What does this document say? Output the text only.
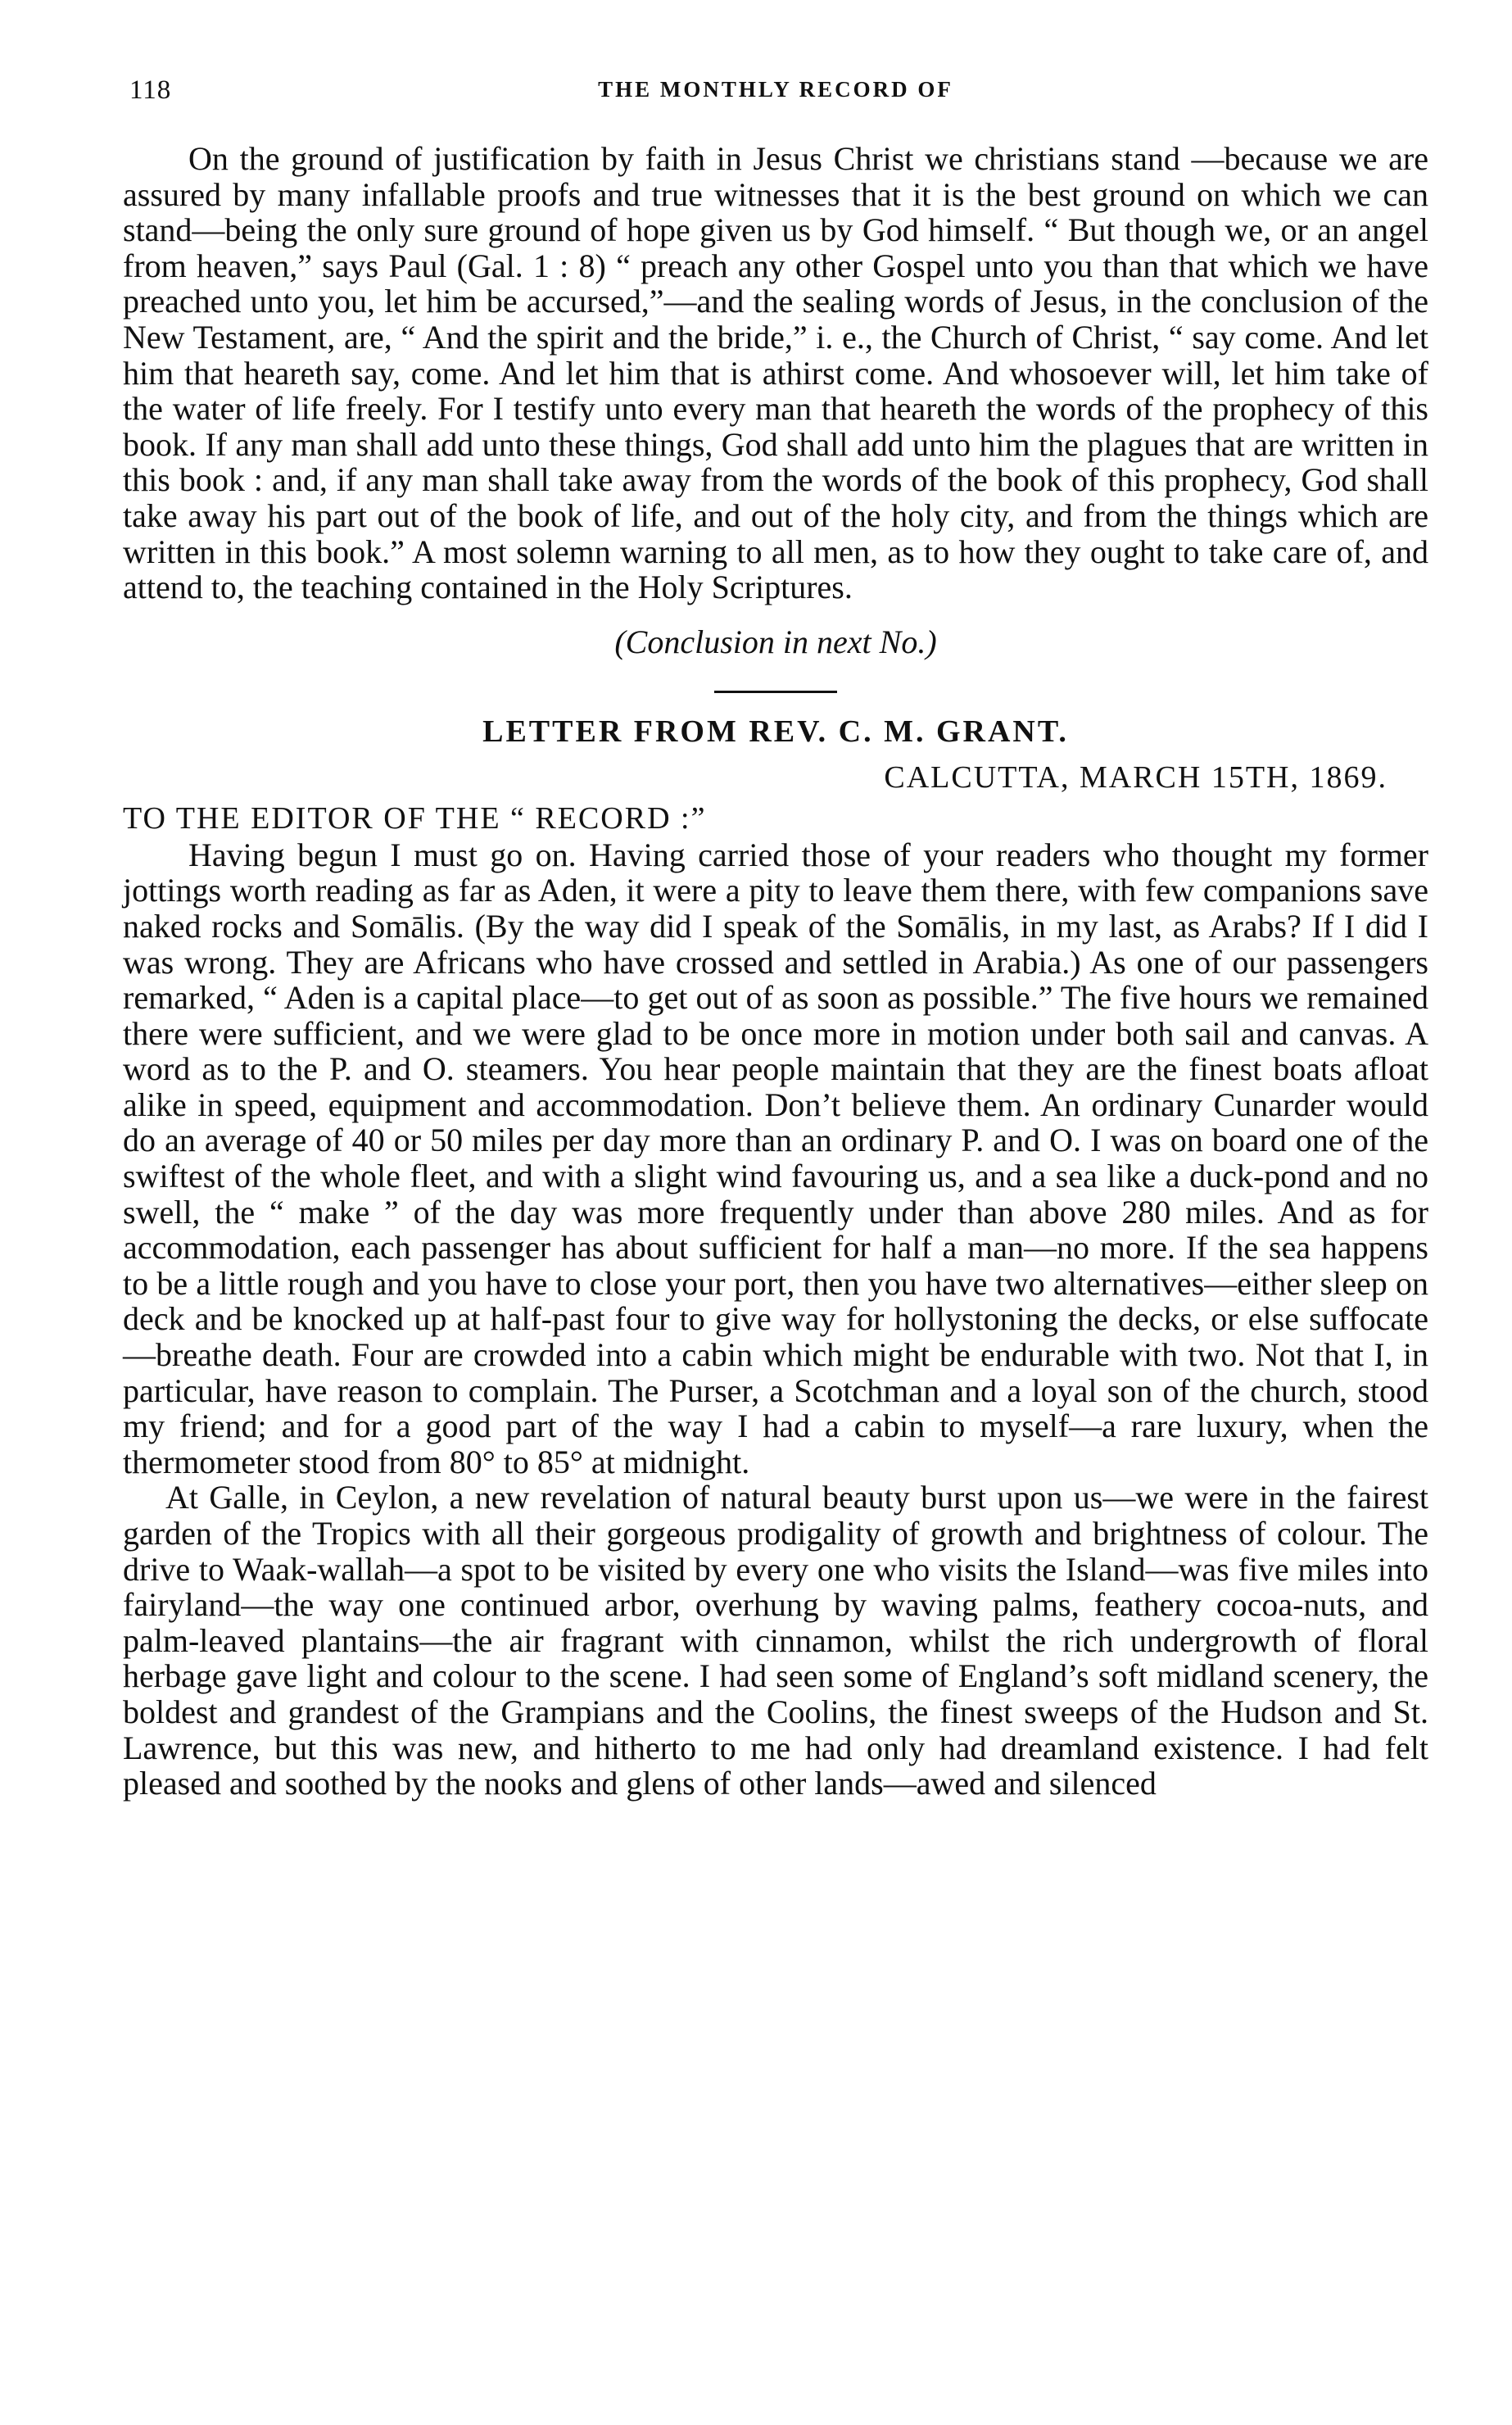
118	THE MONTHLY RECORD OF

On the ground of justification by faith in Jesus Christ we christians stand —because we are assured by many infallable proofs and true witnesses that it is the best ground on which we can stand—being the only sure ground of hope given us by God himself. “ But though we, or an angel from heaven,” says Paul (Gal. 1 : 8) “ preach any other Gospel unto you than that which we have preached unto you, let him be accursed,”—and the sealing words of Jesus, in the conclusion of the New Testament, are, “ And the spirit and the bride,” i. e., the Church of Christ, “ say come. And let him that heareth say, come. And let him that is athirst come. And whosoever will, let him take of the water of life freely. For I testify unto every man that heareth the words of the prophecy of this book. If any man shall add unto these things, God shall add unto him the plagues that are written in this book : and, if any man shall take away from the words of the book of this prophecy, God shall take away his part out of the book of life, and out of the holy city, and from the things which are written in this book.” A most solemn warning to all men, as to how they ought to take care of, and attend to, the teaching contained in the Holy Scriptures.

(Conclusion in next No.)

LETTER FROM REV. C. M. GRANT.

CALCUTTA, MARCH 15TH, 1869.

TO THE EDITOR OF THE “ RECORD :”

Having begun I must go on. Having carried those of your readers who thought my former jottings worth reading as far as Aden, it were a pity to leave them there, with few companions save naked rocks and Somālis. (By the way did I speak of the Somālis, in my last, as Arabs? If I did I was wrong. They are Africans who have crossed and settled in Arabia.) As one of our passengers remarked, “ Aden is a capital place—to get out of as soon as possible.” The five hours we remained there were sufficient, and we were glad to be once more in motion under both sail and canvas. A word as to the P. and O. steamers. You hear people maintain that they are the finest boats afloat alike in speed, equipment and accommodation. Don’t believe them. An ordinary Cunarder would do an average of 40 or 50 miles per day more than an ordinary P. and O. I was on board one of the swiftest of the whole fleet, and with a slight wind favouring us, and a sea like a duck-pond and no swell, the “ make ” of the day was more frequently under than above 280 miles. And as for accommodation, each passenger has about sufficient for half a man—no more. If the sea happens to be a little rough and you have to close your port, then you have two alternatives—either sleep on deck and be knocked up at half-past four to give way for hollystoning the decks, or else suffocate—breathe death. Four are crowded into a cabin which might be endurable with two. Not that I, in particular, have reason to complain. The Purser, a Scotchman and a loyal son of the church, stood my friend; and for a good part of the way I had a cabin to myself—a rare luxury, when the thermometer stood from 80° to 85° at midnight.

At Galle, in Ceylon, a new revelation of natural beauty burst upon us—we were in the fairest garden of the Tropics with all their gorgeous prodigality of growth and brightness of colour. The drive to Waak-wallah—a spot to be visited by every one who visits the Island—was five miles into fairyland—the way one continued arbor, overhung by waving palms, feathery cocoa-nuts, and palm-leaved plantains—the air fragrant with cinnamon, whilst the rich undergrowth of floral herbage gave light and colour to the scene. I had seen some of England’s soft midland scenery, the boldest and grandest of the Grampians and the Coolins, the finest sweeps of the Hudson and St. Lawrence, but this was new, and hitherto to me had only had dreamland existence. I had felt pleased and soothed by the nooks and glens of other lands—awed and silenced
